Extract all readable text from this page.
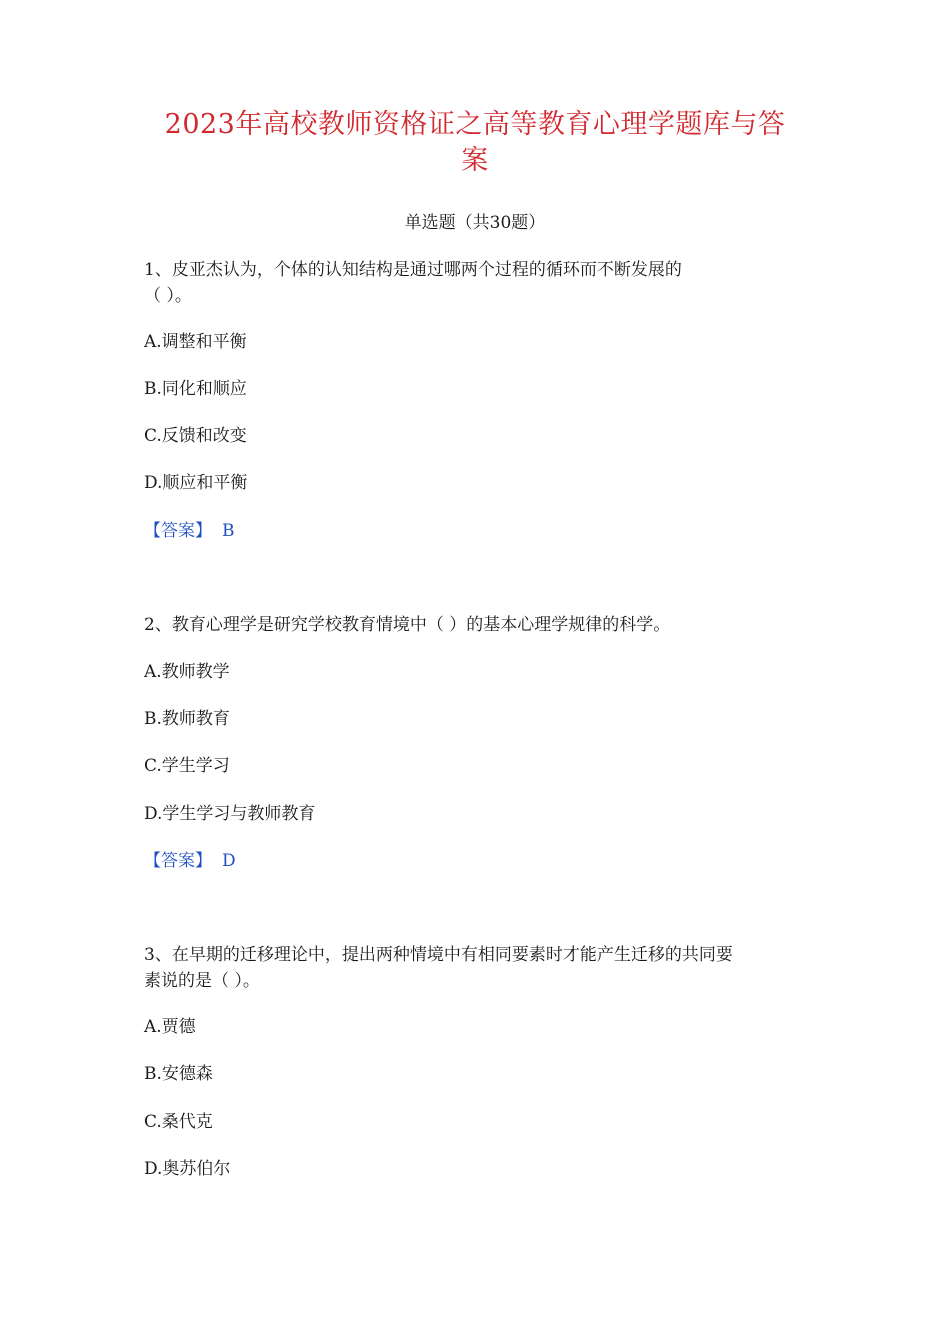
2023年高校教师资格证之高等教育心理学题库与答
案
单选题（共30题）
1、皮亚杰认为，个体的认知结构是通过哪两个过程的循环而不断发展的
（ ）。
A.调整和平衡
B.同化和顺应
C.反馈和改变
D.顺应和平衡
【答案】 B
2、教育心理学是研究学校教育情境中（ ）的基本心理学规律的科学。
A.教师教学
B.教师教育
C.学生学习
D.学生学习与教师教育
【答案】 D
3、在早期的迁移理论中，提出两种情境中有相同要素时才能产生迁移的共同要
素说的是（ ）。
A.贾德
B.安德森
C.桑代克
D.奥苏伯尔
